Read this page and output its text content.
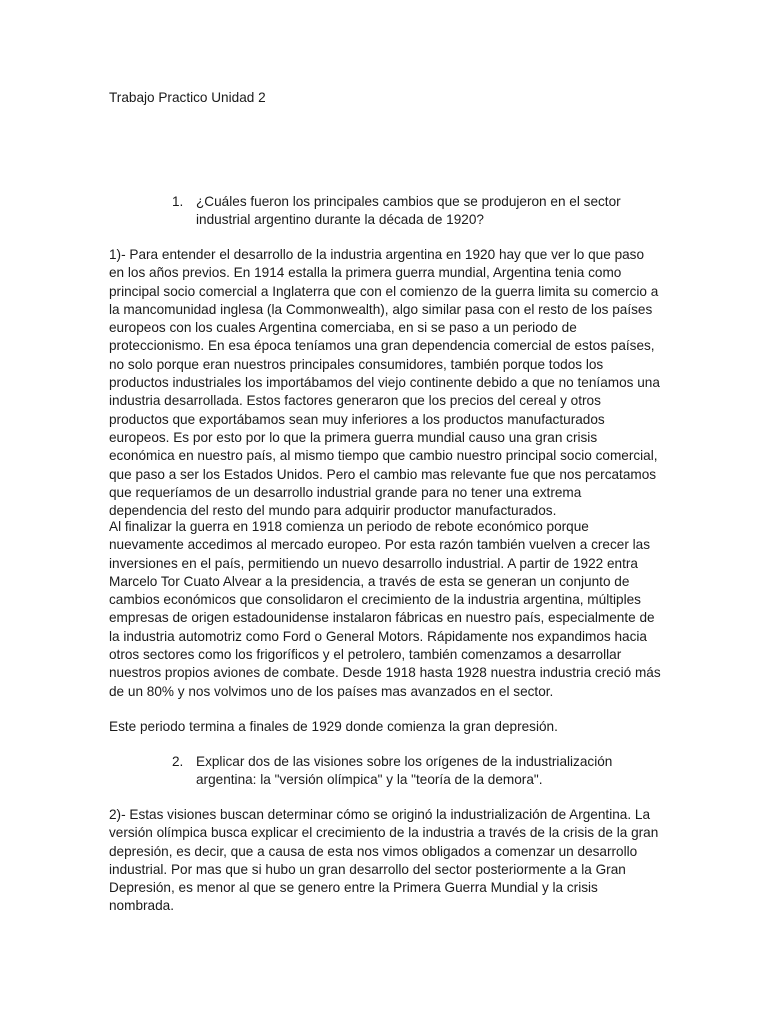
Trabajo Practico Unidad 2
1. ¿Cuáles fueron los principales cambios que se produjeron en el sector industrial argentino durante la década de 1920?

1)- Para entender el desarrollo de la industria argentina en 1920 hay que ver lo que paso en los años previos. En 1914 estalla la primera guerra mundial, Argentina tenia como principal socio comercial a Inglaterra que con el comienzo de la guerra limita su comercio a la mancomunidad inglesa (la Commonwealth), algo similar pasa con el resto de los países europeos con los cuales Argentina comerciaba, en si se paso a un periodo de proteccionismo. En esa época teníamos una gran dependencia comercial de estos países, no solo porque eran nuestros principales consumidores, también porque todos los productos industriales los importábamos del viejo continente debido a que no teníamos una industria desarrollada. Estos factores generaron que los precios del cereal y otros productos que exportábamos sean muy inferiores a los productos manufacturados europeos. Es por esto por lo que la primera guerra mundial causo una gran crisis económica en nuestro país, al mismo tiempo que cambio nuestro principal socio comercial, que paso a ser los Estados Unidos. Pero el cambio mas relevante fue que nos percatamos que requeríamos de un desarrollo industrial grande para no tener una extrema dependencia del resto del mundo para adquirir productor manufacturados.

Al finalizar la guerra en 1918 comienza un periodo de rebote económico porque nuevamente accedimos al mercado europeo. Por esta razón también vuelven a crecer las inversiones en el país, permitiendo un nuevo desarrollo industrial. A partir de 1922 entra Marcelo Tor Cuato Alvear a la presidencia, a través de esta se generan un conjunto de cambios económicos que consolidaron el crecimiento de la industria argentina, múltiples empresas de origen estadounidense instalaron fábricas en nuestro país, especialmente de la industria automotriz como Ford o General Motors. Rápidamente nos expandimos hacia otros sectores como los frigoríficos y el petrolero, también comenzamos a desarrollar nuestros propios aviones de combate. Desde 1918 hasta 1928 nuestra industria creció más de un 80% y nos volvimos uno de los países mas avanzados en el sector.

Este periodo termina a finales de 1929 donde comienza la gran depresión.

2. Explicar dos de las visiones sobre los orígenes de la industrialización argentina: la "versión olímpica" y la "teoría de la demora".

2)- Estas visiones buscan determinar cómo se originó la industrialización de Argentina. La versión olímpica busca explicar el crecimiento de la industria a través de la crisis de la gran depresión, es decir, que a causa de esta nos vimos obligados a comenzar un desarrollo industrial. Por mas que si hubo un gran desarrollo del sector posteriormente a la Gran Depresión, es menor al que se genero entre la Primera Guerra Mundial y la crisis nombrada.
